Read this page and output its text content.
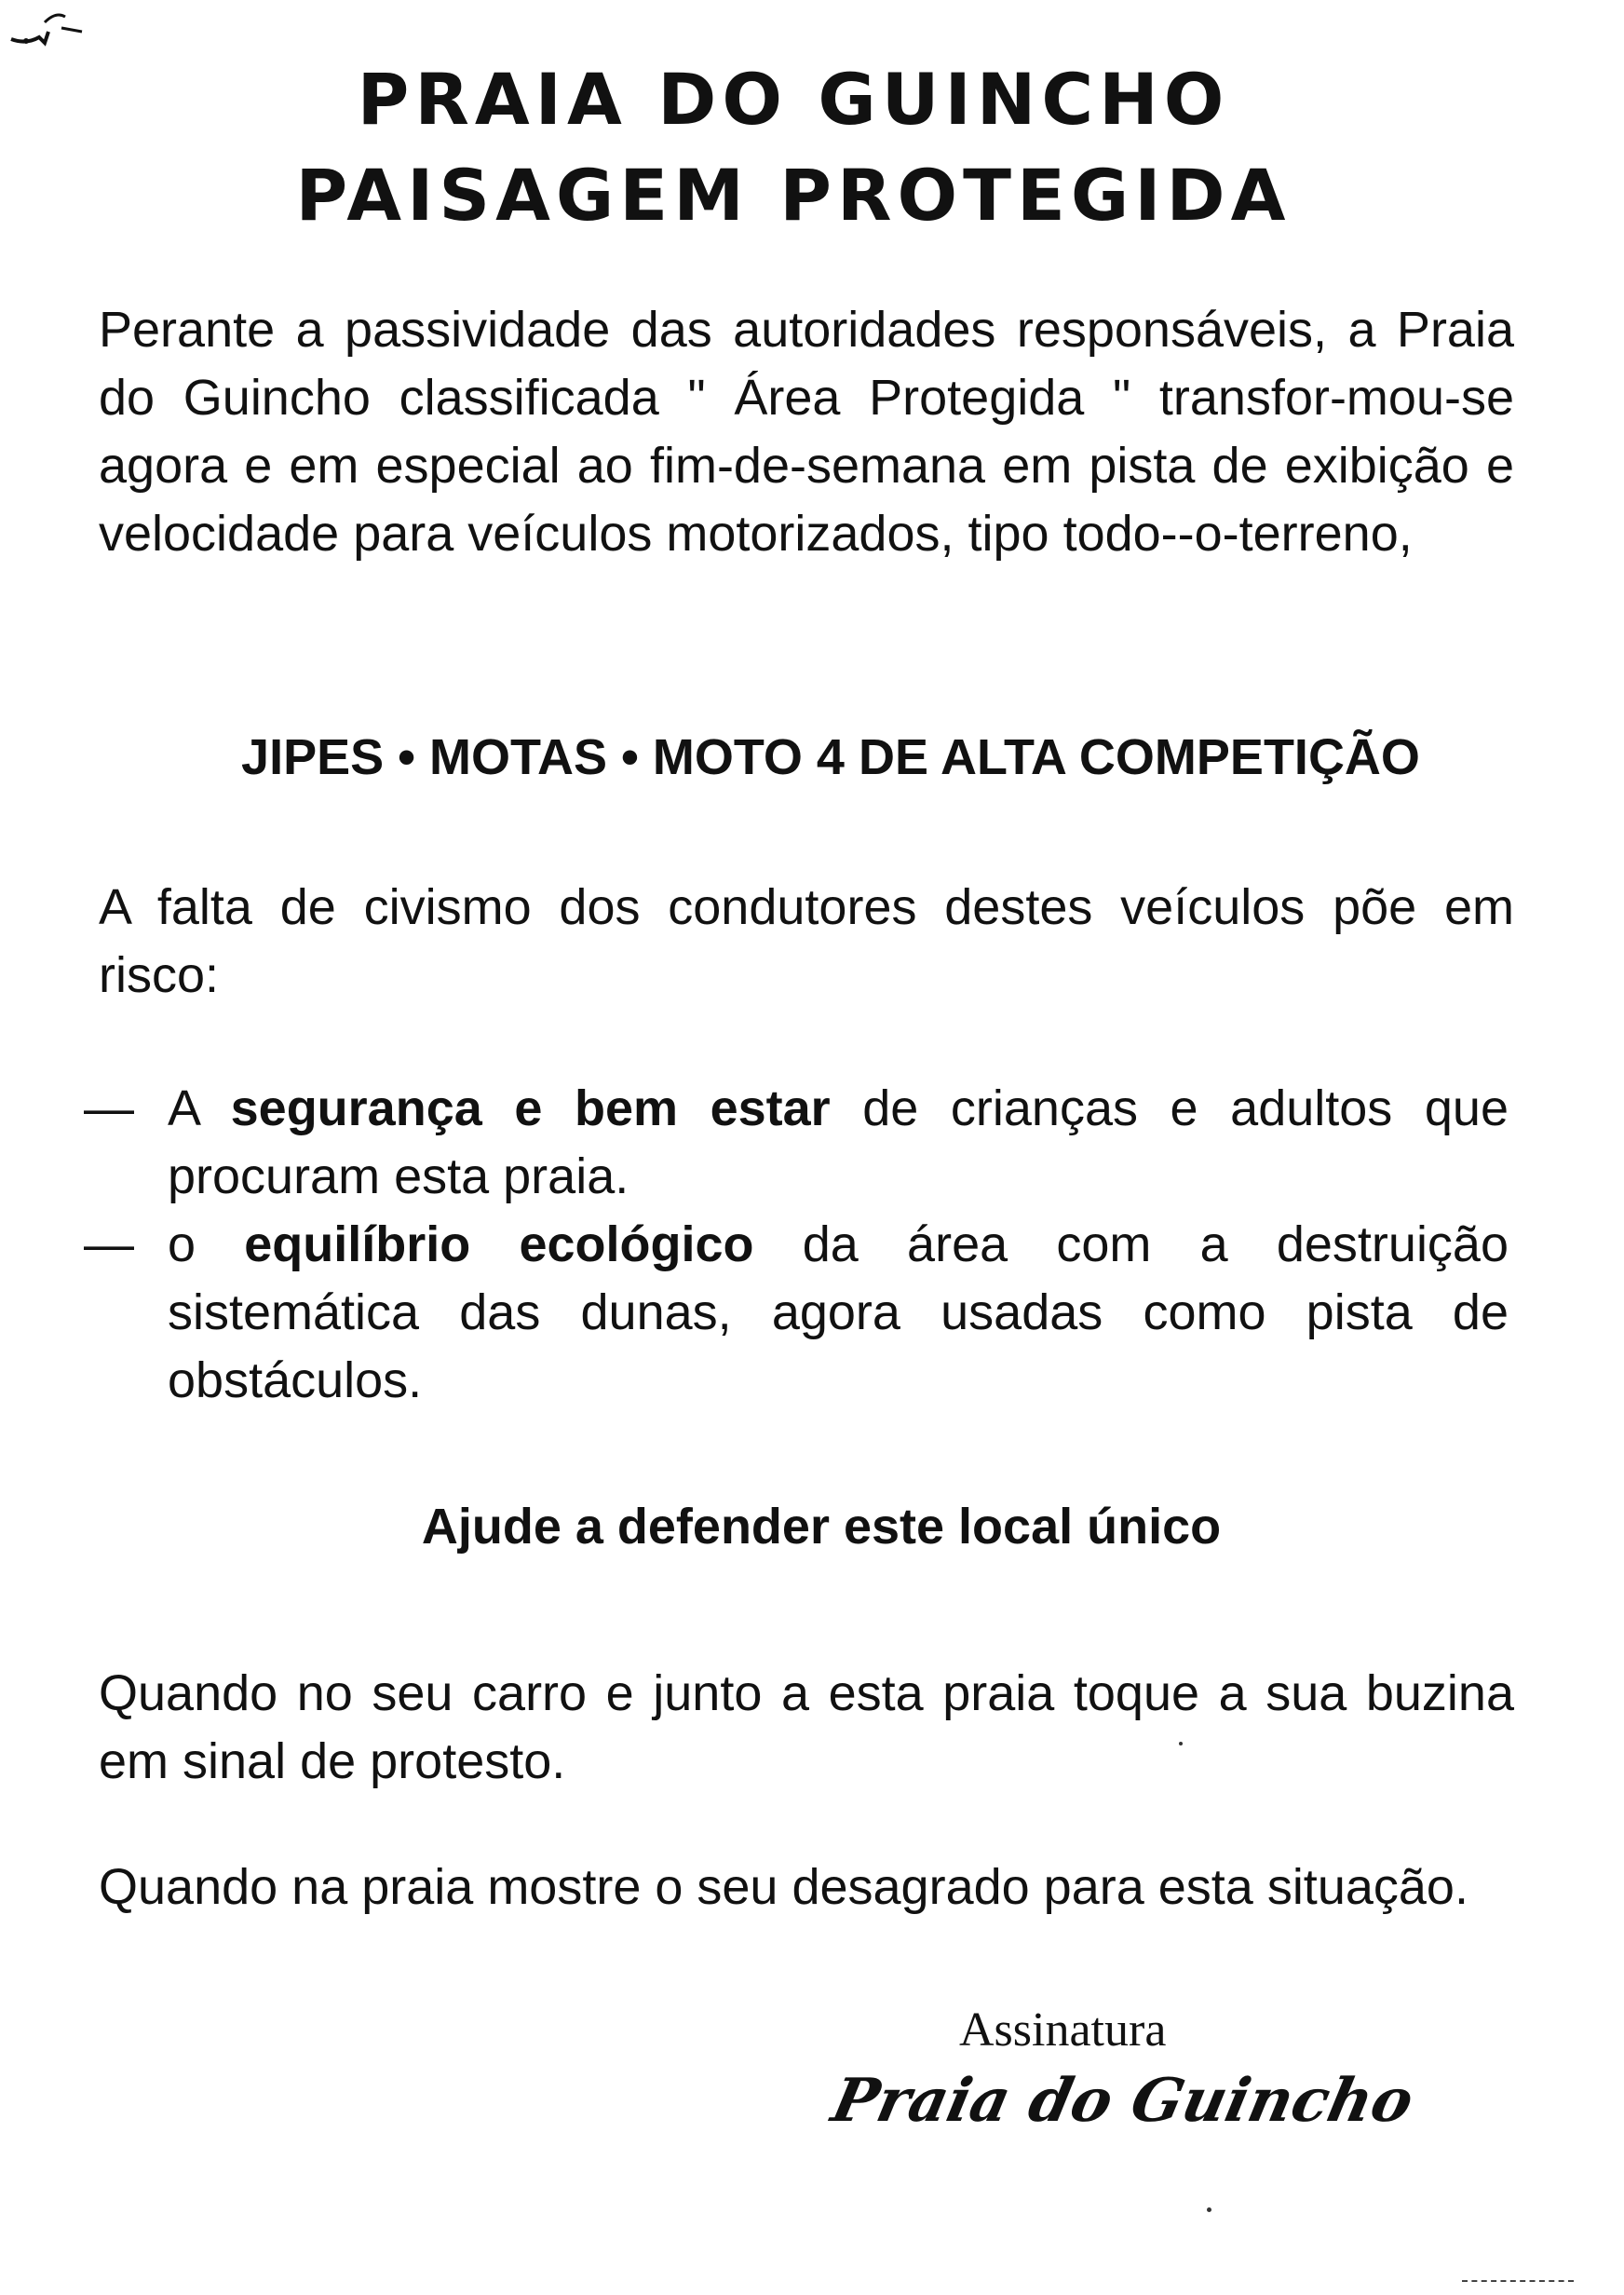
PRAIA DO GUINCHO
PAISAGEM PROTEGIDA

Perante a passividade das autoridades responsáveis, a Praia do Guincho classificada " Área Protegida " transfor-mou-se agora e em especial ao fim-de-semana em pista de exibição e velocidade para veículos motorizados, tipo todo--o-terreno,

JIPES • MOTAS • MOTO 4 DE ALTA COMPETIÇÃO

A falta de civismo dos condutores destes veículos põe em risco:

— A segurança e bem estar de crianças e adultos que procuram esta praia.
— o equilíbrio ecológico da área com a destruição sistemática das dunas, agora usadas como pista de obstáculos.

Ajude a defender este local único

Quando no seu carro e junto a esta praia toque a sua buzina em sinal de protesto.

Quando na praia mostre o seu desagrado para esta situação.

Assinatura

Praia do Guincho
